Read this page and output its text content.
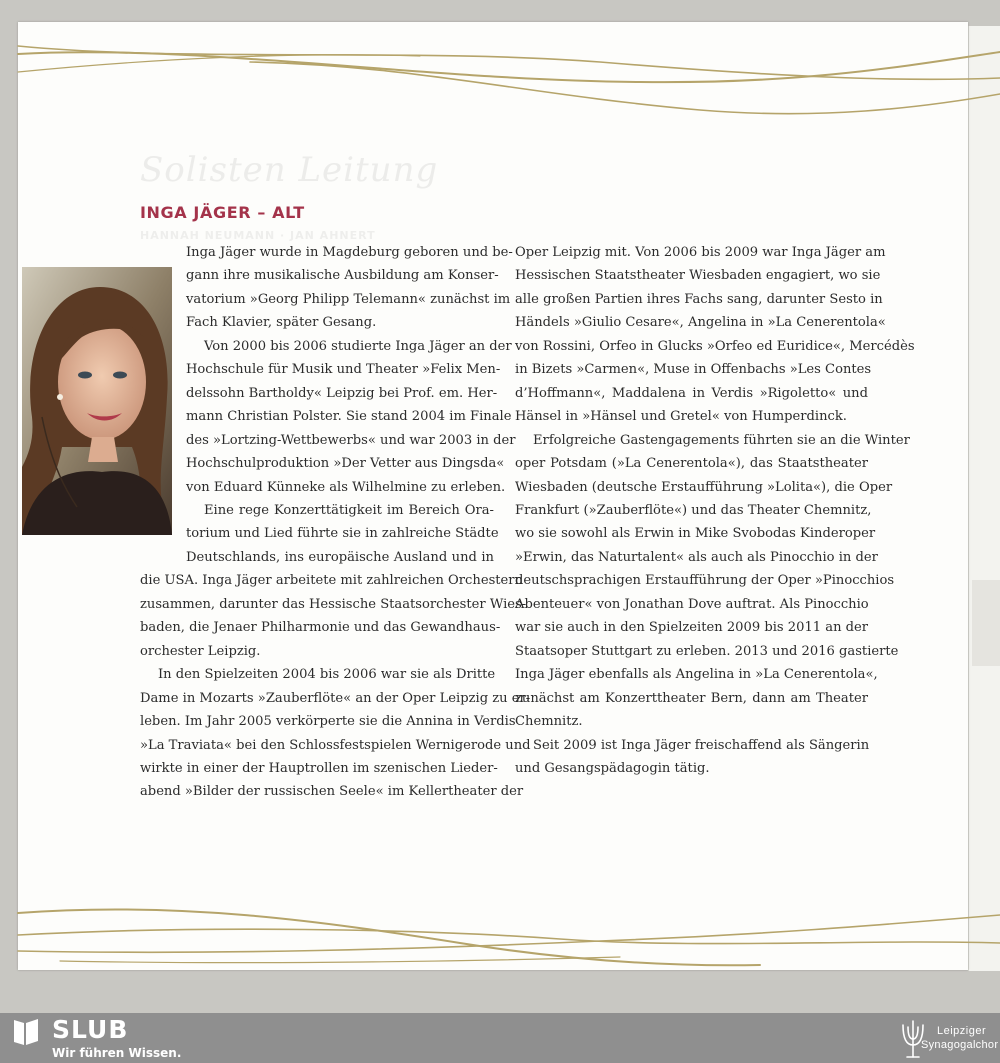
Solisten Leitung
HANNAH NEUMANN · JAN AHNERT
INGA JÄGER – ALT

Inga Jäger wurde in Magdeburg geboren und be-

gann ihre musikalische Ausbildung am Konser-

vatorium »Georg Philipp Telemann« zunächst im

Fach Klavier, später Gesang.

Von 2000 bis 2006 studierte Inga Jäger an der

Hochschule für Musik und Theater »Felix Men-

delssohn Bartholdy« Leipzig bei Prof. em. Her-

mann Christian Polster. Sie stand 2004 im Finale

des »Lortzing-Wettbewerbs« und war 2003 in der

Hochschulproduktion »Der Vetter aus Dingsda«

von Eduard Künneke als Wilhelmine zu erleben.

Eine rege Konzerttätigkeit im Bereich Ora-

torium und Lied führte sie in zahlreiche Städte

Deutschlands, ins europäische Ausland und in

die USA. Inga Jäger arbeitete mit zahlreichen Orchestern

zusammen, darunter das Hessische Staatsorchester Wies-

baden, die Jenaer Philharmonie und das Gewandhaus-

orchester Leipzig.

In den Spielzeiten 2004 bis 2006 war sie als Dritte

Dame in Mozarts »Zauberflöte« an der Oper Leipzig zu er-

leben. Im Jahr 2005 verkörperte sie die Annina in Verdis

»La Traviata« bei den Schlossfestspielen Wernigerode und

wirkte in einer der Hauptrollen im szenischen Lieder-

abend »Bilder der russischen Seele« im Kellertheater der

Oper Leipzig mit. Von 2006 bis 2009 war Inga Jäger am

Hessischen Staatstheater Wiesbaden engagiert, wo sie

alle großen Partien ihres Fachs sang, darunter Sesto in

Händels »Giulio Cesare«, Angelina in »La Cenerentola«

von Rossini, Orfeo in Glucks »Orfeo ed Euridice«, Mercédès

in Bizets »Carmen«, Muse in Offenbachs »Les Contes

d’Hoffmann«, Maddalena in Verdis »Rigoletto« und

Hänsel in »Hänsel und Gretel« von Humperdinck.

Erfolgreiche Gastengagements führten sie an die Winter

oper Potsdam (»La Cenerentola«), das Staatstheater

Wiesbaden (deutsche Erstaufführung »Lolita«), die Oper

Frankfurt (»Zauberflöte«) und das Theater Chemnitz,

wo sie sowohl als Erwin in Mike Svobodas Kinderoper

»Erwin, das Naturtalent« als auch als Pinocchio in der

deutschsprachigen Erstaufführung der Oper »Pinocchios

Abenteuer« von Jonathan Dove auftrat. Als Pinocchio

war sie auch in den Spielzeiten 2009 bis 2011 an der

Staatsoper Stuttgart zu erleben. 2013 und 2016 gastierte

Inga Jäger ebenfalls als Angelina in »La Cenerentola«,

zunächst am Konzerttheater Bern, dann am Theater

Chemnitz.

Seit 2009 ist Inga Jäger freischaffend als Sängerin

und Gesangspädagogin tätig.

SLUB
Wir führen Wissen.
Leipziger
Synagogalchor
